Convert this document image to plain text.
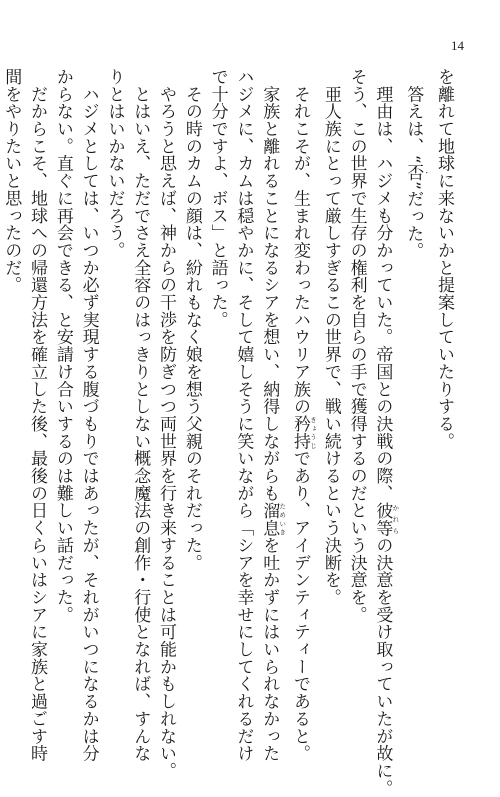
14
を離れて地球に来ないかと提案していたりする。
　答えは、“否 ・”だった。
　理由は、ハジメも分かっていた。帝国との決戦の際、彼等 かれらの決意を受け取っていたが故に。
そう、この世界で生存の権利を自らの手で獲得するのだという決意を。
　亜人族にとって厳しすぎるこの世界で、戦い続けるという決断を。
　それこそが、生まれ変わったハウリア族の矜持 きょうじであり、アイデンティティーであると。
　家族と離れることになるシアを想い、納得しながらも溜息 ためいきを吐かずにはいられなかった
ハジメに、カムは穏やかに、そして嬉しそうに笑いながら「シアを幸せにしてくれるだけ
で十分ですよ、ボス」と語った。
　その時のカムの顔は、紛れもなく娘を想う父親のそれだった。
　やろうと思えば、神からの干渉を防ぎつつ両世界を行き来することは可能かもしれない。
　とはいえ、ただでさえ全容のはっきりとしない概念魔法の創作・行使となれば、すんな
りとはいかないだろう。
　ハジメとしては、いつか必ず実現する腹づもりではあったが、それがいつになるかは分
からない。直ぐに再会できる、と安請け合いするのは難しい話だった。
　だからこそ、地球への帰還方法を確立した後、最後の日くらいはシアに家族と過ごす時
間をやりたいと思ったのだ。
